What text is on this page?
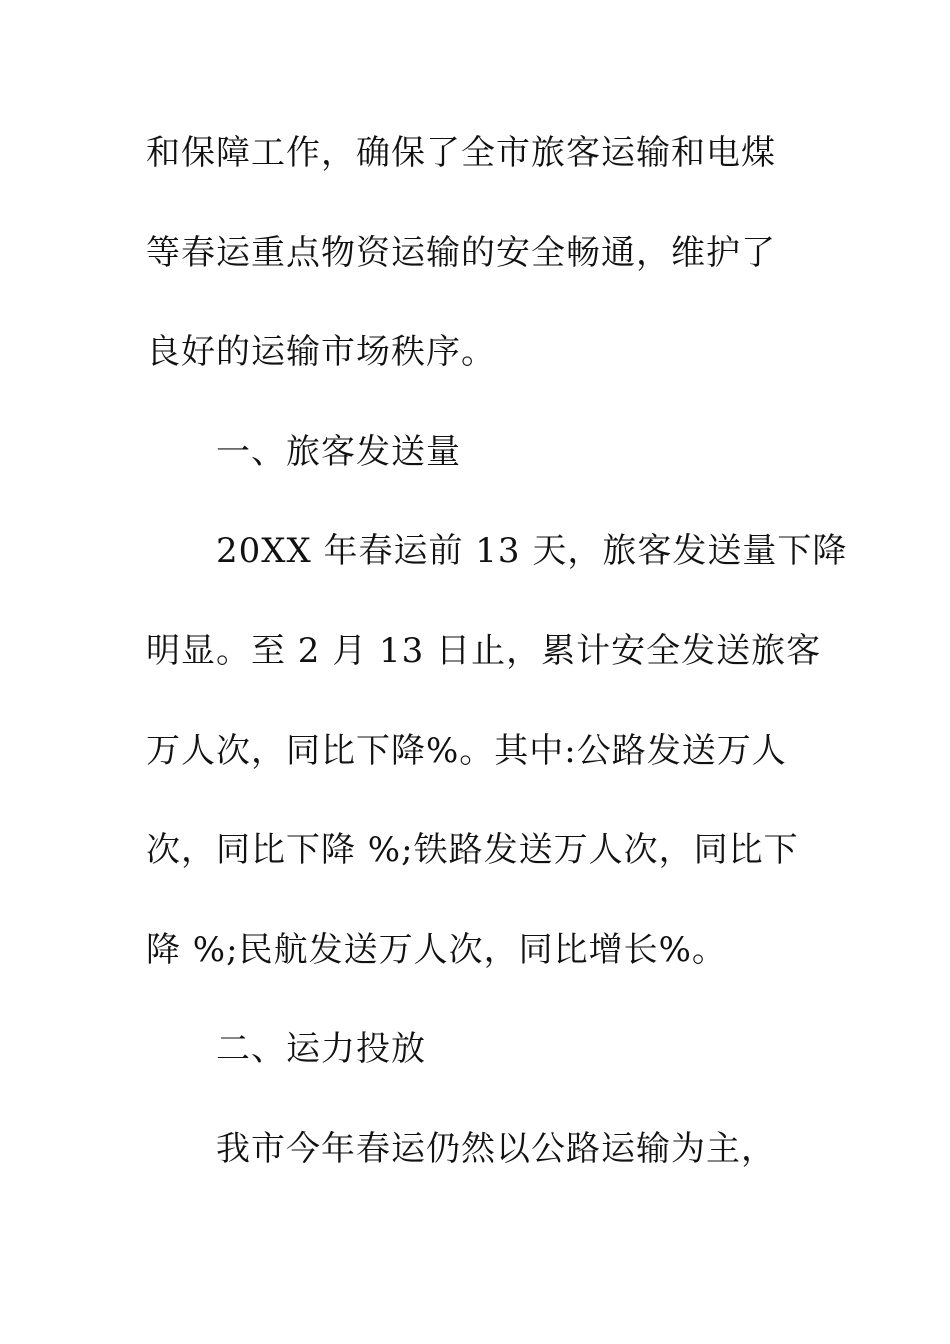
和保障工作，确保了全市旅客运输和电煤
等春运重点物资运输的安全畅通，维护了
良好的运输市场秩序。
一、旅客发送量
20XX 年春运前 13 天，旅客发送量下降
明显。至 2 月 13 日止，累计安全发送旅客
万人次，同比下降%。其中:公路发送万人
次，同比下降 %;铁路发送万人次，同比下
降 %;民航发送万人次，同比增长%。
二、运力投放
我市今年春运仍然以公路运输为主，
